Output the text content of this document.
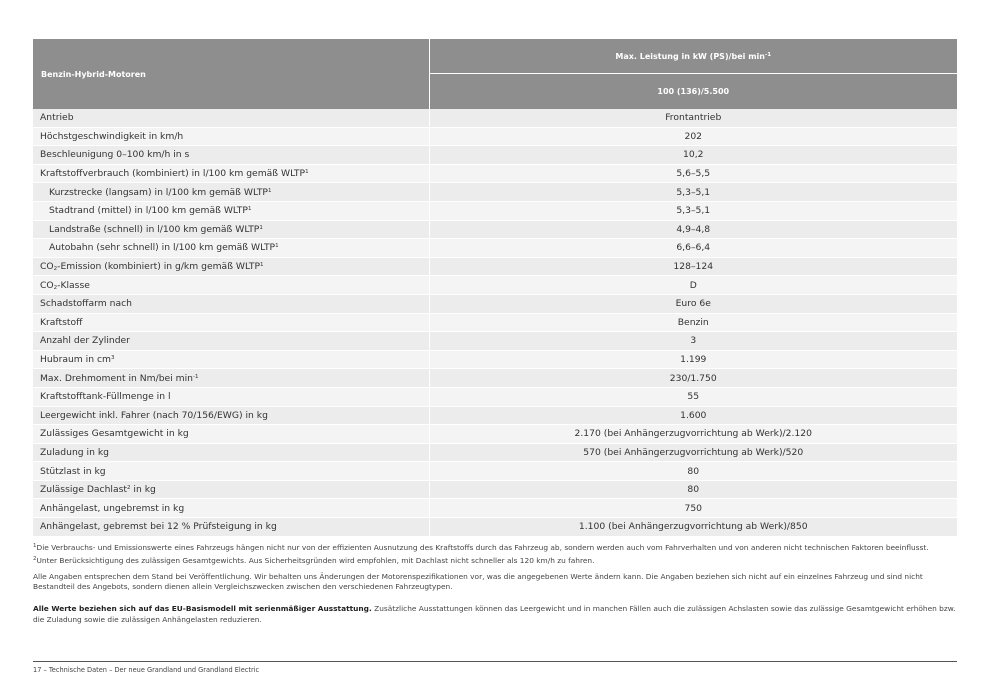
Benzin-Hybrid-Motoren	Max. Leistung in kW (PS)/bei $\min^{-1}$
	100 (136)/5.500
Antrieb	Frontantrieb
Höchstgeschwindigkeit in km/h	202
Beschleunigung 0–100 km/h in s	10,2
Kraftstoffverbrauch (kombiniert) in l/100 km gemäß WLTP$^1$	5,6–5,5
Kurzstrecke (langsam) in l/100 km gemäß WLTP$^1$	5,3–5,1
Stadtrand (mittel) in l/100 km gemäß WLTP$^1$	5,3–5,1
Landstraße (schnell) in l/100 km gemäß WLTP$^1$	4,9–4,8
Autobahn (sehr schnell) in l/100 km gemäß WLTP$^1$	6,6–6,4
$CO_2$-Emission (kombiniert) in g/km gemäß WLTP$^1$	128–124
$CO_2$-Klasse	D
Schadstoffarm nach	Euro 6e
Kraftstoff	Benzin
Anzahl der Zylinder	3
Hubraum in $cm^3$	1.199
Max. Drehmoment in Nm/bei $\min^{-1}$	230/1.750
Kraftstofftank-Füllmenge in l	55
Leergewicht inkl. Fahrer (nach 70/156/EWG) in kg	1.600
Zulässiges Gesamtgewicht in kg	2.170 (bei Anhängerzugvorrichtung ab Werk)/2.120
Zuladung in kg	570 (bei Anhängerzugvorrichtung ab Werk)/520
Stützlast in kg	80
Zulässige Dachlast$^2$ in kg	80
Anhängelast, ungebremst in kg	750
Anhängelast, gebremst bei 12 % Prüfsteigung in kg	1.100 (bei Anhängerzugvorrichtung ab Werk)/850

$^1$Die Verbrauchs- und Emissionswerte eines Fahrzeugs hängen nicht nur von der effizienten Ausnutzung des Kraftstoffs durch das Fahrzeug ab, sondern werden auch vom Fahrverhalten und von anderen nicht technischen Faktoren beeinflusst.

$^2$Unter Berücksichtigung des zulässigen Gesamtgewichts. Aus Sicherheitsgründen wird empfohlen, mit Dachlast nicht schneller als 120 km/h zu fahren.

Alle Angaben entsprechen dem Stand bei Veröffentlichung. Wir behalten uns Änderungen der Motorenspezifikationen vor, was die angegebenen Werte ändern kann. Die Angaben beziehen sich nicht auf ein einzelnes Fahrzeug und sind nicht Bestandteil des Angebots, sondern dienen allein Vergleichszwecken zwischen den verschiedenen Fahrzeugtypen.

Alle Werte beziehen sich auf das EU-Basismodell mit serienmäßiger Ausstattung. Zusätzliche Ausstattungen können das Leergewicht und in manchen Fällen auch die zulässigen Achslasten sowie das zulässige Gesamtgewicht erhöhen bzw. die Zuladung sowie die zulässigen Anhängelasten reduzieren.

17 – Technische Daten – Der neue Grandland und Grandland Electric
